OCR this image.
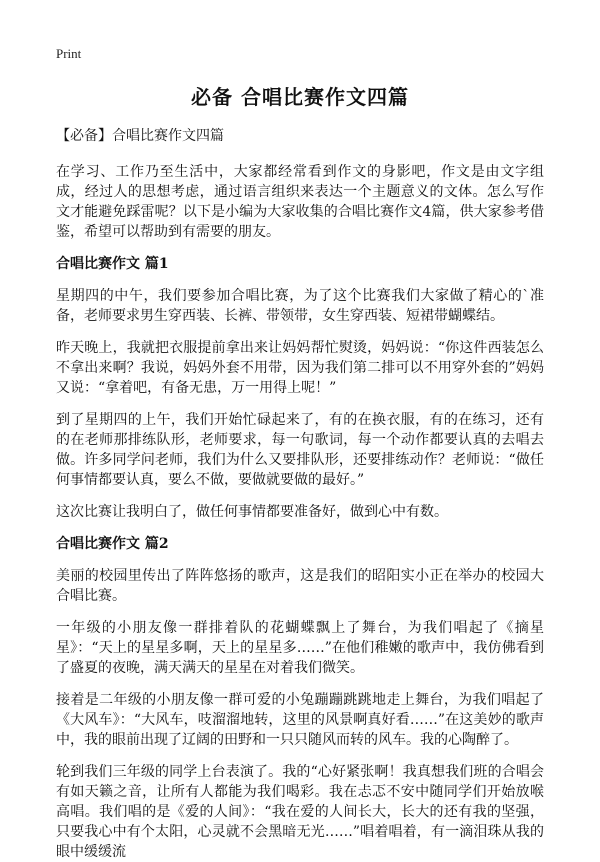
Print
必备 合唱比赛作文四篇
【必备】合唱比赛作文四篇

在学习、工作乃至生活中，大家都经常看到作文的身影吧，作文是由文字组成，经过人的思想考虑，通过语言组织来表达一个主题意义的文体。怎么写作文才能避免踩雷呢？以下是小编为大家收集的合唱比赛作文4篇，供大家参考借鉴，希望可以帮助到有需要的朋友。

合唱比赛作文 篇1

星期四的中午，我们要参加合唱比赛，为了这个比赛我们大家做了精心的`准备，老师要求男生穿西装、长裤、带领带，女生穿西装、短裙带蝴蝶结。

昨天晚上，我就把衣服提前拿出来让妈妈帮忙熨烫，妈妈说：“你这件西装怎么不拿出来啊？我说，妈妈外套不用带，因为我们第二排可以不用穿外套的”妈妈又说：“拿着吧，有备无患，万一用得上呢！”

到了星期四的上午，我们开始忙碌起来了，有的在换衣服，有的在练习，还有的在老师那排练队形，老师要求，每一句歌词，每一个动作都要认真的去唱去做。许多同学问老师，我们为什么又要排队形，还要排练动作？老师说：“做任何事情都要认真，要么不做，要做就要做的最好。”

这次比赛让我明白了，做任何事情都要准备好，做到心中有数。

合唱比赛作文 篇2

美丽的校园里传出了阵阵悠扬的歌声，这是我们的昭阳实小正在举办的校园大合唱比赛。

一年级的小朋友像一群排着队的花蝴蝶飘上了舞台，为我们唱起了《摘星星》：“天上的星星多啊，天上的星星多……”在他们稚嫩的歌声中，我仿佛看到了盛夏的夜晚，满天满天的星星在对着我们微笑。

接着是二年级的小朋友像一群可爱的小兔蹦蹦跳跳地走上舞台，为我们唱起了《大风车》：“大风车，吱溜溜地转，这里的风景啊真好看……”在这美妙的歌声中，我的眼前出现了辽阔的田野和一只只随风而转的风车。我的心陶醉了。

轮到我们三年级的同学上台表演了。我的“心好紧张啊！我真想我们班的合唱会有如天籁之音，让所有人都能为我们喝彩。我在忐忑不安中随同学们开始放喉高唱。我们唱的是《爱的人间》：“我在爱的人间长大，长大的还有我的坚强，只要我心中有个太阳，心灵就不会黑暗无光……”唱着唱着，有一滴泪珠从我的眼中缓缓流
